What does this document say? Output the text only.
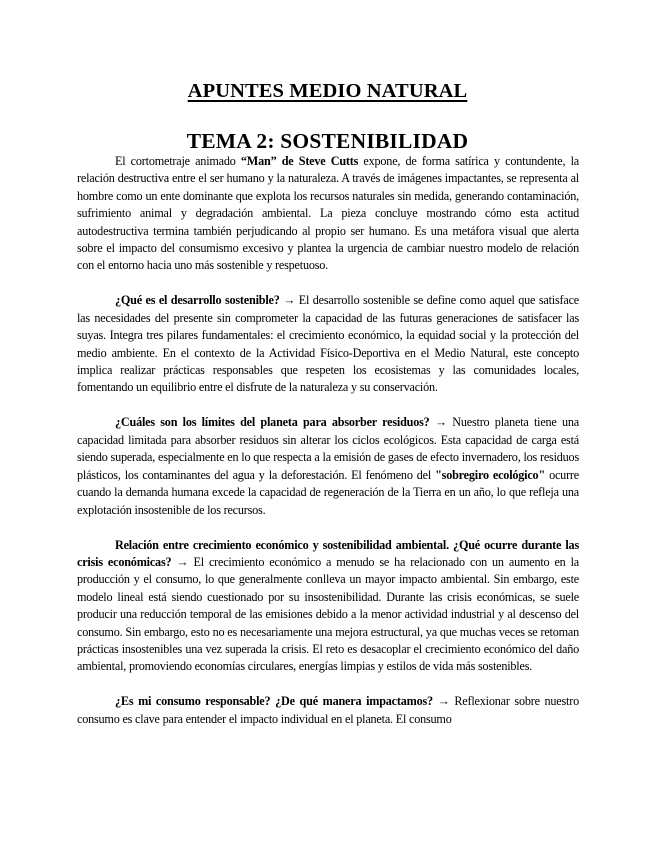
APUNTES MEDIO NATURAL
TEMA 2: SOSTENIBILIDAD

El cortometraje animado “Man” de Steve Cutts expone, de forma satírica y contundente, la relación destructiva entre el ser humano y la naturaleza. A través de imágenes impactantes, se representa al hombre como un ente dominante que explota los recursos naturales sin medida, generando contaminación, sufrimiento animal y degradación ambiental. La pieza concluye mostrando cómo esta actitud autodestructiva termina también perjudicando al propio ser humano. Es una metáfora visual que alerta sobre el impacto del consumismo excesivo y plantea la urgencia de cambiar nuestro modelo de relación con el entorno hacia uno más sostenible y respetuoso.

¿Qué es el desarrollo sostenible? → El desarrollo sostenible se define como aquel que satisface las necesidades del presente sin comprometer la capacidad de las futuras generaciones de satisfacer las suyas. Integra tres pilares fundamentales: el crecimiento económico, la equidad social y la protección del medio ambiente. En el contexto de la Actividad Físico-Deportiva en el Medio Natural, este concepto implica realizar prácticas responsables que respeten los ecosistemas y las comunidades locales, fomentando un equilibrio entre el disfrute de la naturaleza y su conservación.

¿Cuáles son los límites del planeta para absorber residuos? → Nuestro planeta tiene una capacidad limitada para absorber residuos sin alterar los ciclos ecológicos. Esta capacidad de carga está siendo superada, especialmente en lo que respecta a la emisión de gases de efecto invernadero, los residuos plásticos, los contaminantes del agua y la deforestación. El fenómeno del "sobregiro ecológico" ocurre cuando la demanda humana excede la capacidad de regeneración de la Tierra en un año, lo que refleja una explotación insostenible de los recursos.

Relación entre crecimiento económico y sostenibilidad ambiental. ¿Qué ocurre durante las crisis económicas? → El crecimiento económico a menudo se ha relacionado con un aumento en la producción y el consumo, lo que generalmente conlleva un mayor impacto ambiental. Sin embargo, este modelo lineal está siendo cuestionado por su insostenibilidad. Durante las crisis económicas, se suele producir una reducción temporal de las emisiones debido a la menor actividad industrial y al descenso del consumo. Sin embargo, esto no es necesariamente una mejora estructural, ya que muchas veces se retoman prácticas insostenibles una vez superada la crisis. El reto es desacoplar el crecimiento económico del daño ambiental, promoviendo economías circulares, energías limpias y estilos de vida más sostenibles.

¿Es mi consumo responsable? ¿De qué manera impactamos? → Reflexionar sobre nuestro consumo es clave para entender el impacto individual en el planeta. El consumo
